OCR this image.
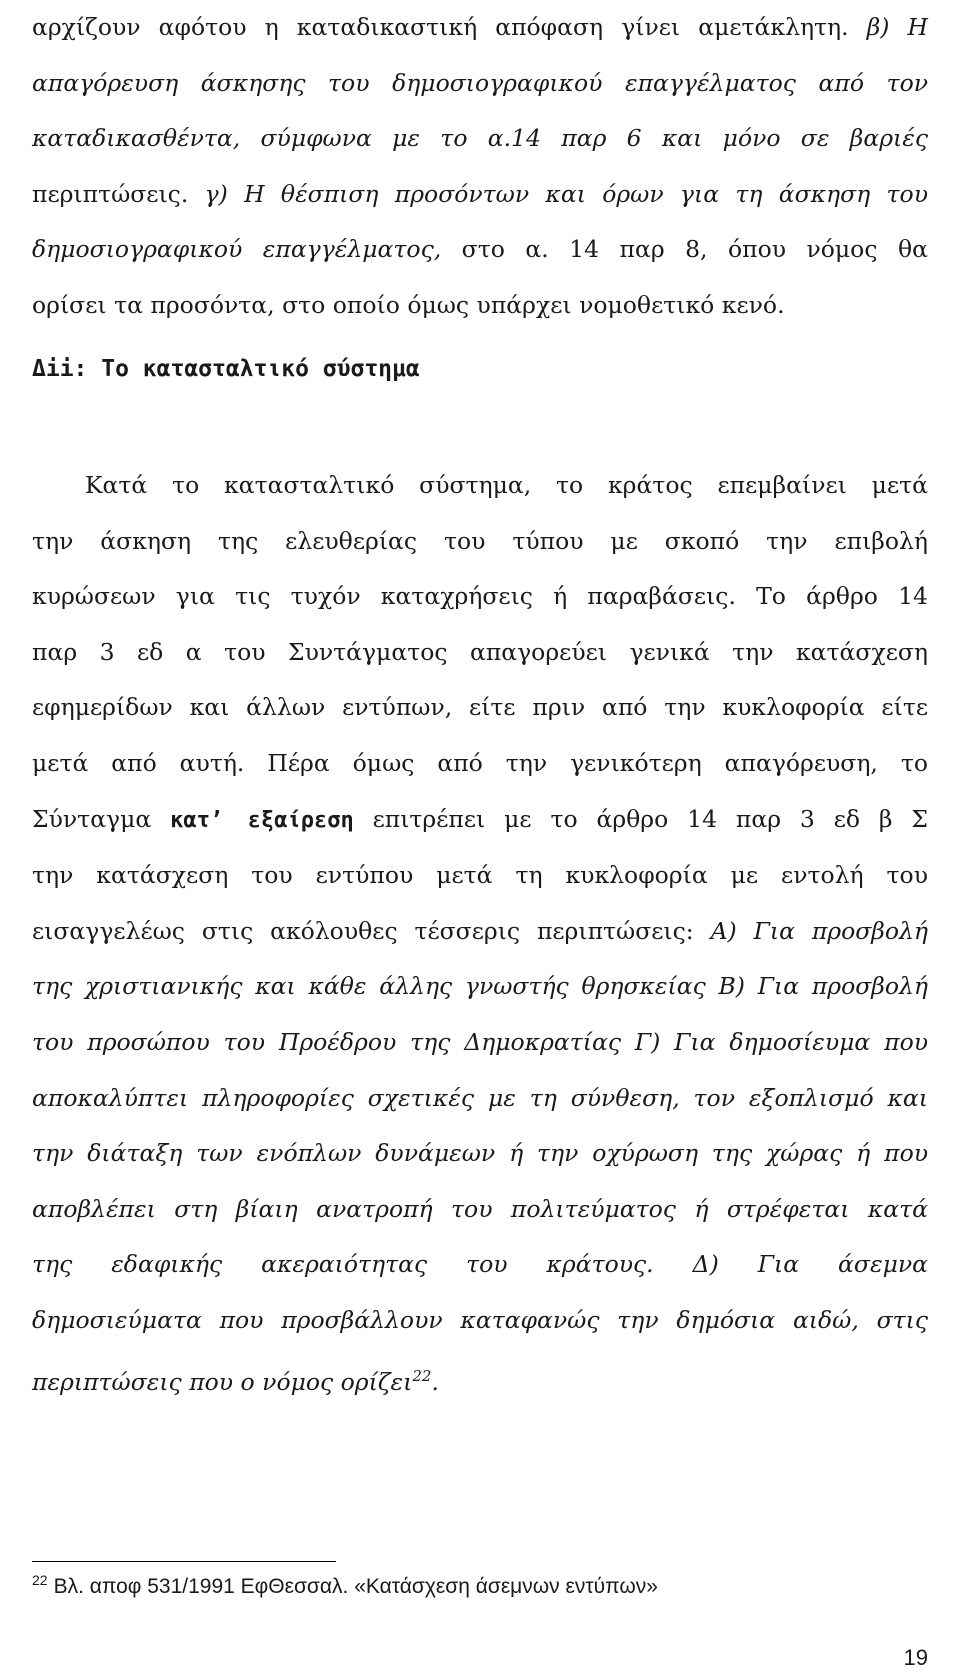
αρχίζουν αφότου η καταδικαστική απόφαση γίνει αμετάκλητη. β) Η
απαγόρευση άσκησης του δημοσιογραφικού επαγγέλματος από τον
καταδικασθέντα, σύμφωνα με το α.14 παρ 6 και μόνο σε βαριές
περιπτώσεις. γ) Η θέσπιση προσόντων και όρων για τη άσκηση του
δημοσιογραφικού επαγγέλματος, στο α. 14 παρ 8, όπου νόμος θα
ορίσει τα προσόντα, στο οποίο όμως υπάρχει νομοθετικό κενό.
Δii: Το κατασταλτικό σύστημα
Κατά το κατασταλτικό σύστημα, το κράτος επεμβαίνει μετά
την άσκηση της ελευθερίας του τύπου με σκοπό την επιβολή
κυρώσεων για τις τυχόν καταχρήσεις ή παραβάσεις. Το άρθρο 14
παρ 3 εδ α του Συντάγματος απαγορεύει γενικά την κατάσχεση
εφημερίδων και άλλων εντύπων, είτε πριν από την κυκλοφορία είτε
μετά από αυτή. Πέρα όμως από την γενικότερη απαγόρευση, το
Σύνταγμα κατ’ εξαίρεση επιτρέπει με το άρθρο 14 παρ 3 εδ β Σ
την κατάσχεση του εντύπου μετά τη κυκλοφορία με εντολή του
εισαγγελέως στις ακόλουθες τέσσερις περιπτώσεις: Α) Για προσβολή
της χριστιανικής και κάθε άλλης γνωστής θρησκείας Β) Για προσβολή
του προσώπου του Προέδρου της Δημοκρατίας Γ) Για δημοσίευμα που
αποκαλύπτει πληροφορίες σχετικές με τη σύνθεση, τον εξοπλισμό και
την διάταξη των ενόπλων δυνάμεων ή την οχύρωση της χώρας ή που
αποβλέπει στη βίαιη ανατροπή του πολιτεύματος ή στρέφεται κατά
της εδαφικής ακεραιότητας του κράτους. Δ) Για άσεμνα
δημοσιεύματα που προσβάλλουν καταφανώς την δημόσια αιδώ, στις
περιπτώσεις που ο νόμος ορίζει$^{22}$.
$^{22}$ Βλ. αποφ 531/1991 ΕφΘεσσαλ. «Κατάσχεση άσεμνων εντύπων»
19
